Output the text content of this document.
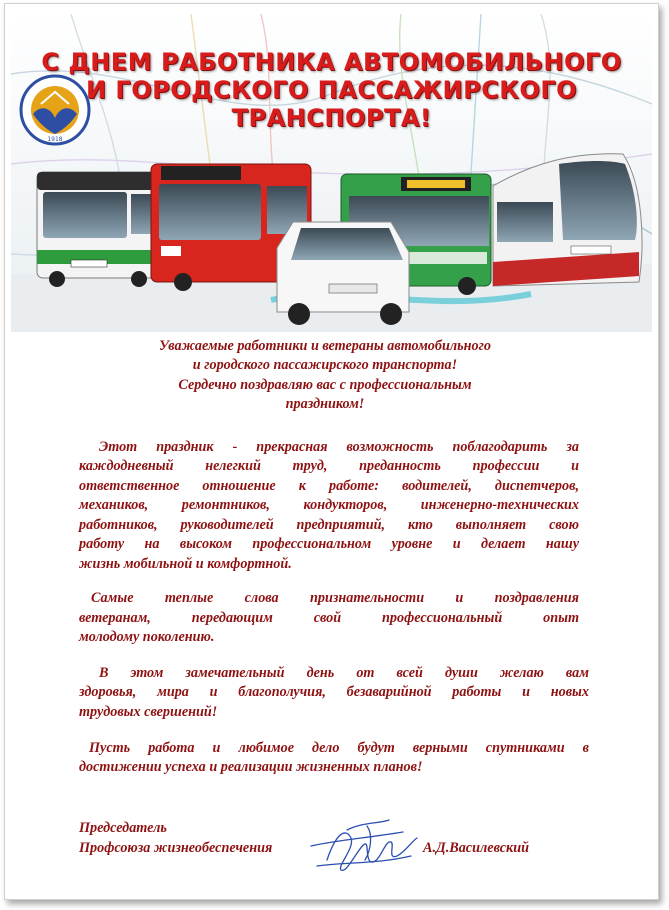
1918
С ДНЕМ РАБОТНИКА АВТОМОБИЛЬНОГО
И ГОРОДСКОГО ПАССАЖИРСКОГО
ТРАНСПОРТА!
Уважаемые работники и ветераны автомобильного
и городского пассажирского транспорта!
Сердечно поздравляю вас с профессиональным
праздником!
Этот праздник - прекрасная возможность поблагодарить за
каждодневный нелегкий труд, преданность профессии и
ответственное отношение к работе: водителей, диспетчеров,
механиков, ремонтников, кондукторов, инженерно-технических
работников, руководителей предприятий, кто выполняет свою
работу на высоком профессиональном уровне и делает нашу
жизнь мобильной и комфортной.
Самые теплые слова признательности и поздравления
ветеранам, передающим свой профессиональный опыт
молодому поколению.
В этом замечательный день от всей души желаю вам
здоровья, мира и благополучия, безаварийной работы и новых
трудовых свершений!
Пусть работа и любимое дело будут верными спутниками в
достижении успеха и реализации жизненных планов!
Председатель
Профсоюза жизнеобеспечения	А.Д.Василевский
